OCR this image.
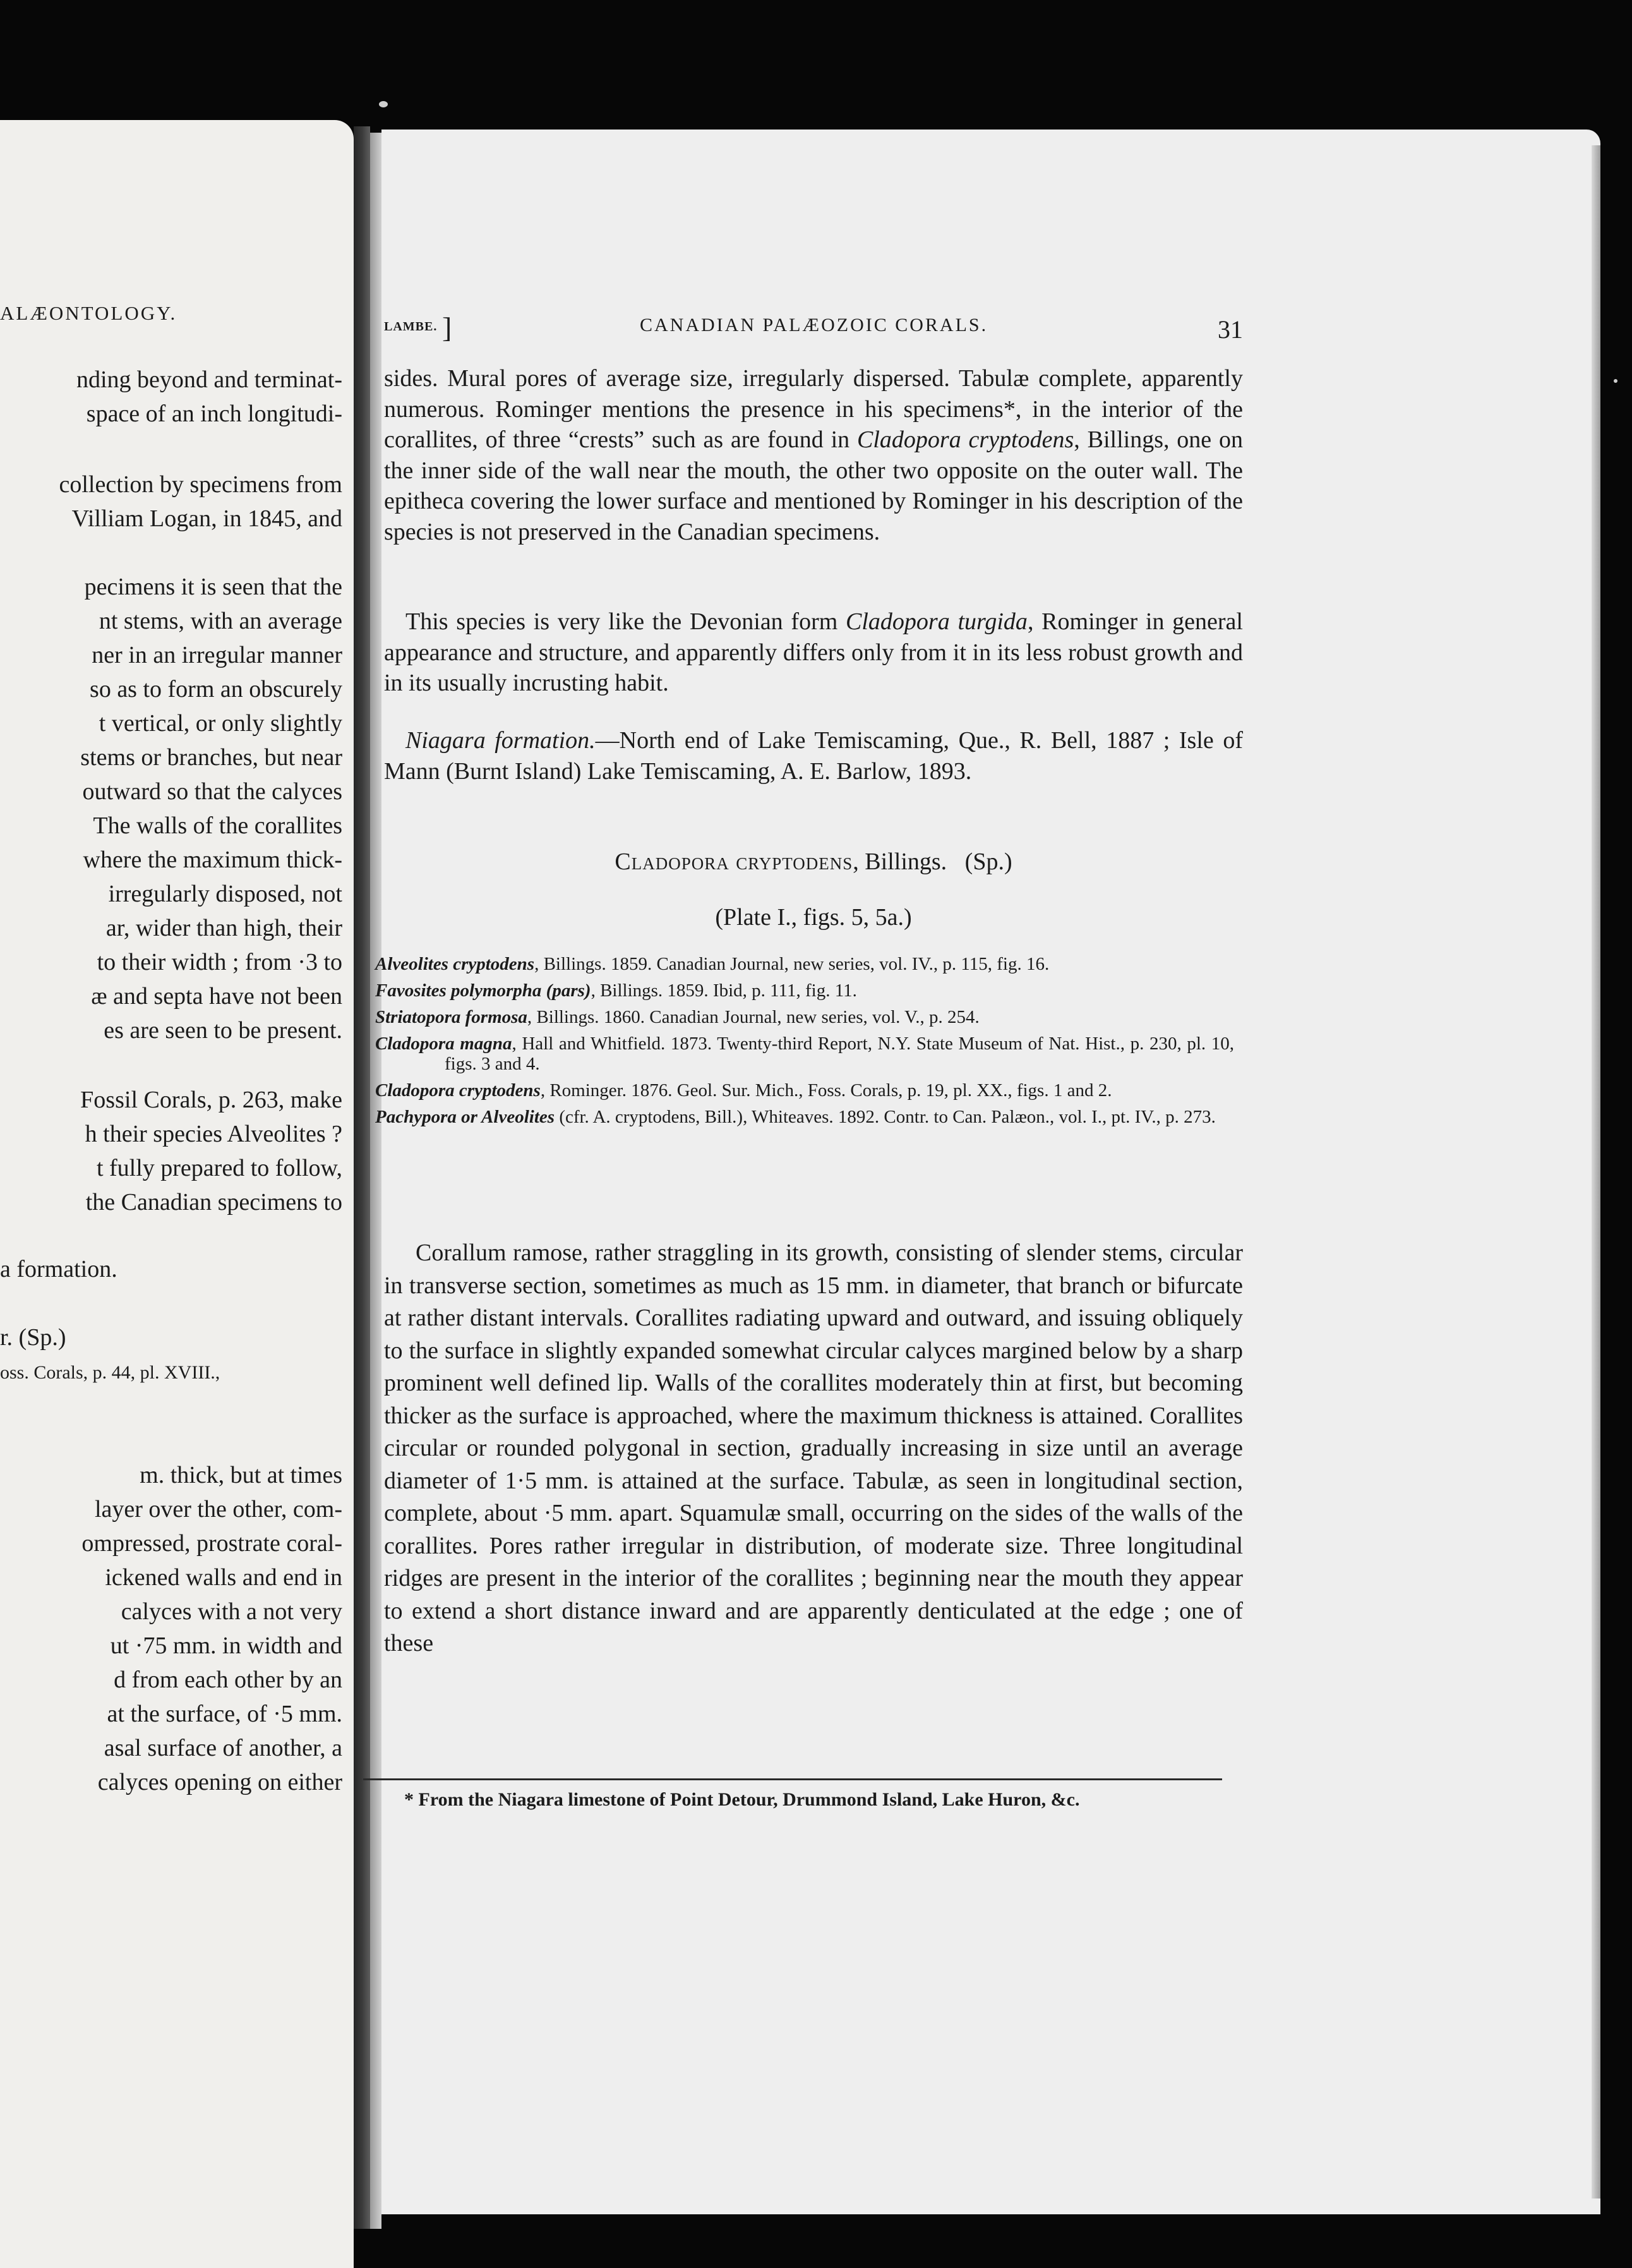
ALÆONTOLOGY.
nding beyond and terminat-
space of an inch longitudi-
collection by specimens from
Villiam Logan, in 1845, and
pecimens it is seen that the
nt stems, with an average
ner in an irregular manner
so as to form an obscurely
t vertical, or only slightly
stems or branches, but near
outward so that the calyces
The walls of the corallites
where the maximum thick-
irregularly disposed, not
ar, wider than high, their
to their width ; from ·3 to
æ and septa have not been
es are seen to be present.
Fossil Corals, p. 263, make
h their species Alveolites ?
t fully prepared to follow,
the Canadian specimens to
a formation.
r. (Sp.)
oss. Corals, p. 44, pl. XVIII.,
m. thick, but at times
layer over the other, com-
ompressed, prostrate coral-
ickened walls and end in
calyces with a not very
ut ·75 mm. in width and
d from each other by an
at the surface, of ·5 mm.
asal surface of another, a
calyces opening on either
LAMBE. ]	CANADIAN PALÆOZOIC CORALS.	31

sides. Mural pores of average size, irregularly dispersed. Tabulæ complete, apparently numerous. Rominger mentions the presence in his specimens*, in the interior of the corallites, of three “crests” such as are found in Cladopora cryptodens, Billings, one on the inner side of the wall near the mouth, the other two opposite on the outer wall. The epitheca covering the lower surface and mentioned by Rominger in his description of the species is not preserved in the Canadian specimens.

This species is very like the Devonian form Cladopora turgida, Rominger in general appearance and structure, and apparently differs only from it in its less robust growth and in its usually incrusting habit.

Niagara formation.—North end of Lake Temiscaming, Que., R. Bell, 1887 ; Isle of Mann (Burnt Island) Lake Temiscaming, A. E. Barlow, 1893.

Cladopora cryptodens, Billings. (Sp.)
(Plate I., figs. 5, 5a.)
Alveolites cryptodens, Billings. 1859. Canadian Journal, new series, vol. IV., p. 115, fig. 16.
Favosites polymorpha (pars), Billings. 1859. Ibid, p. 111, fig. 11.
Striatopora formosa, Billings. 1860. Canadian Journal, new series, vol. V., p. 254.
Cladopora magna, Hall and Whitfield. 1873. Twenty-third Report, N.Y. State Museum of Nat. Hist., p. 230, pl. 10, figs. 3 and 4.
Cladopora cryptodens, Rominger. 1876. Geol. Sur. Mich., Foss. Corals, p. 19, pl. XX., figs. 1 and 2.
Pachypora or Alveolites (cfr. A. cryptodens, Bill.), Whiteaves. 1892. Contr. to Can. Palæon., vol. I., pt. IV., p. 273.

Corallum ramose, rather straggling in its growth, consisting of slender stems, circular in transverse section, sometimes as much as 15 mm. in diameter, that branch or bifurcate at rather distant intervals. Corallites radiating upward and outward, and issuing obliquely to the surface in slightly expanded somewhat circular calyces margined below by a sharp prominent well defined lip. Walls of the corallites moderately thin at first, but becoming thicker as the surface is approached, where the maximum thickness is attained. Corallites circular or rounded polygonal in section, gradually increasing in size until an average diameter of 1·5 mm. is attained at the surface. Tabulæ, as seen in longitudinal section, complete, about ·5 mm. apart. Squamulæ small, occurring on the sides of the walls of the corallites. Pores rather irregular in distribution, of moderate size. Three longitudinal ridges are present in the interior of the corallites ; beginning near the mouth they appear to extend a short distance inward and are apparently denticulated at the edge ; one of these

* From the Niagara limestone of Point Detour, Drummond Island, Lake Huron, &c.
